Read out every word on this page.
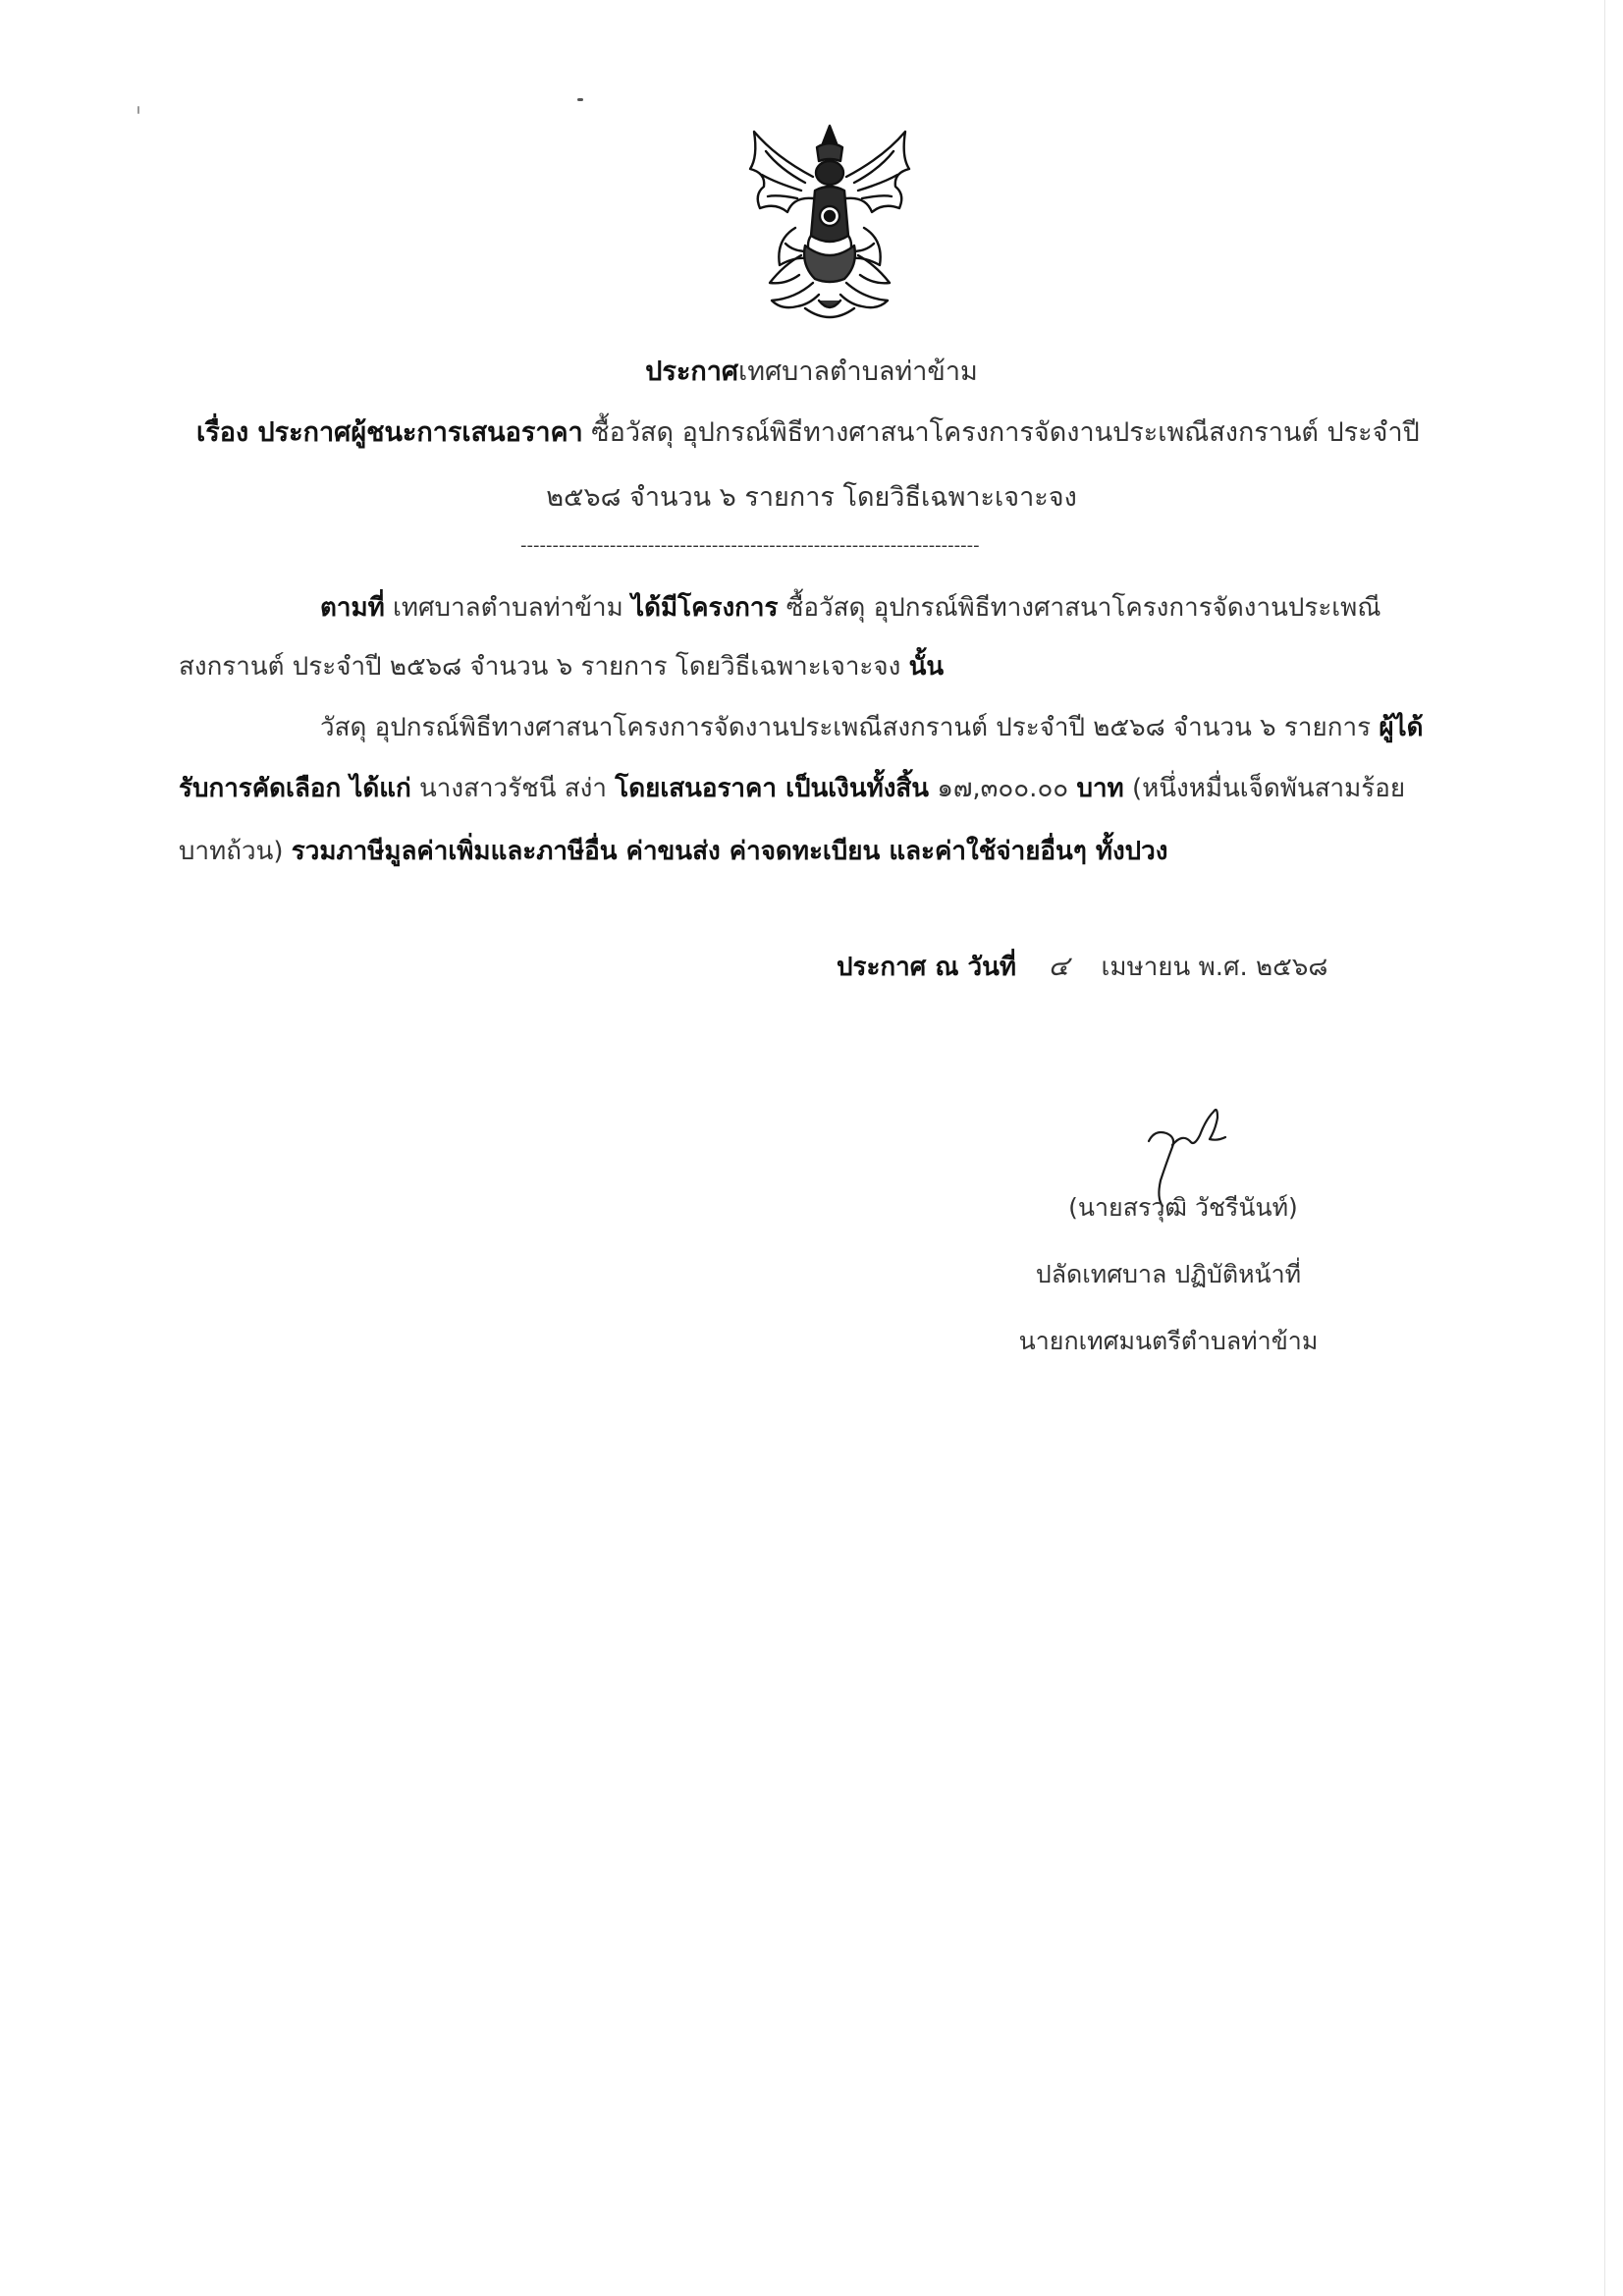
ประกาศเทศบาลตำบลท่าข้าม
เรื่อง ประกาศผู้ชนะการเสนอราคา ซื้อวัสดุ อุปกรณ์พิธีทางศาสนาโครงการจัดงานประเพณีสงกรานต์ ประจำปี
๒๕๖๘ จำนวน ๖ รายการ โดยวิธีเฉพาะเจาะจง
------------------------------------------------------------------------
ตามที่ เทศบาลตำบลท่าข้าม ได้มีโครงการ ซื้อวัสดุ อุปกรณ์พิธีทางศาสนาโครงการจัดงานประเพณี
สงกรานต์ ประจำปี ๒๕๖๘ จำนวน ๖ รายการ โดยวิธีเฉพาะเจาะจง นั้น
วัสดุ อุปกรณ์พิธีทางศาสนาโครงการจัดงานประเพณีสงกรานต์ ประจำปี ๒๕๖๘ จำนวน ๖ รายการ ผู้ได้
รับการคัดเลือก ได้แก่ นางสาวรัชนี สง่า โดยเสนอราคา เป็นเงินทั้งสิ้น ๑๗,๓๐๐.๐๐ บาท (หนึ่งหมื่นเจ็ดพันสามร้อย
บาทถ้วน) รวมภาษีมูลค่าเพิ่มและภาษีอื่น ค่าขนส่ง ค่าจดทะเบียน และค่าใช้จ่ายอื่นๆ ทั้งปวง
ประกาศ ณ วันที่ ๔ เมษายน พ.ศ. ๒๕๖๘
(นายสรวุฒิ วัชรีนันท์)
ปลัดเทศบาล ปฏิบัติหน้าที่
นายกเทศมนตรีตำบลท่าข้าม
